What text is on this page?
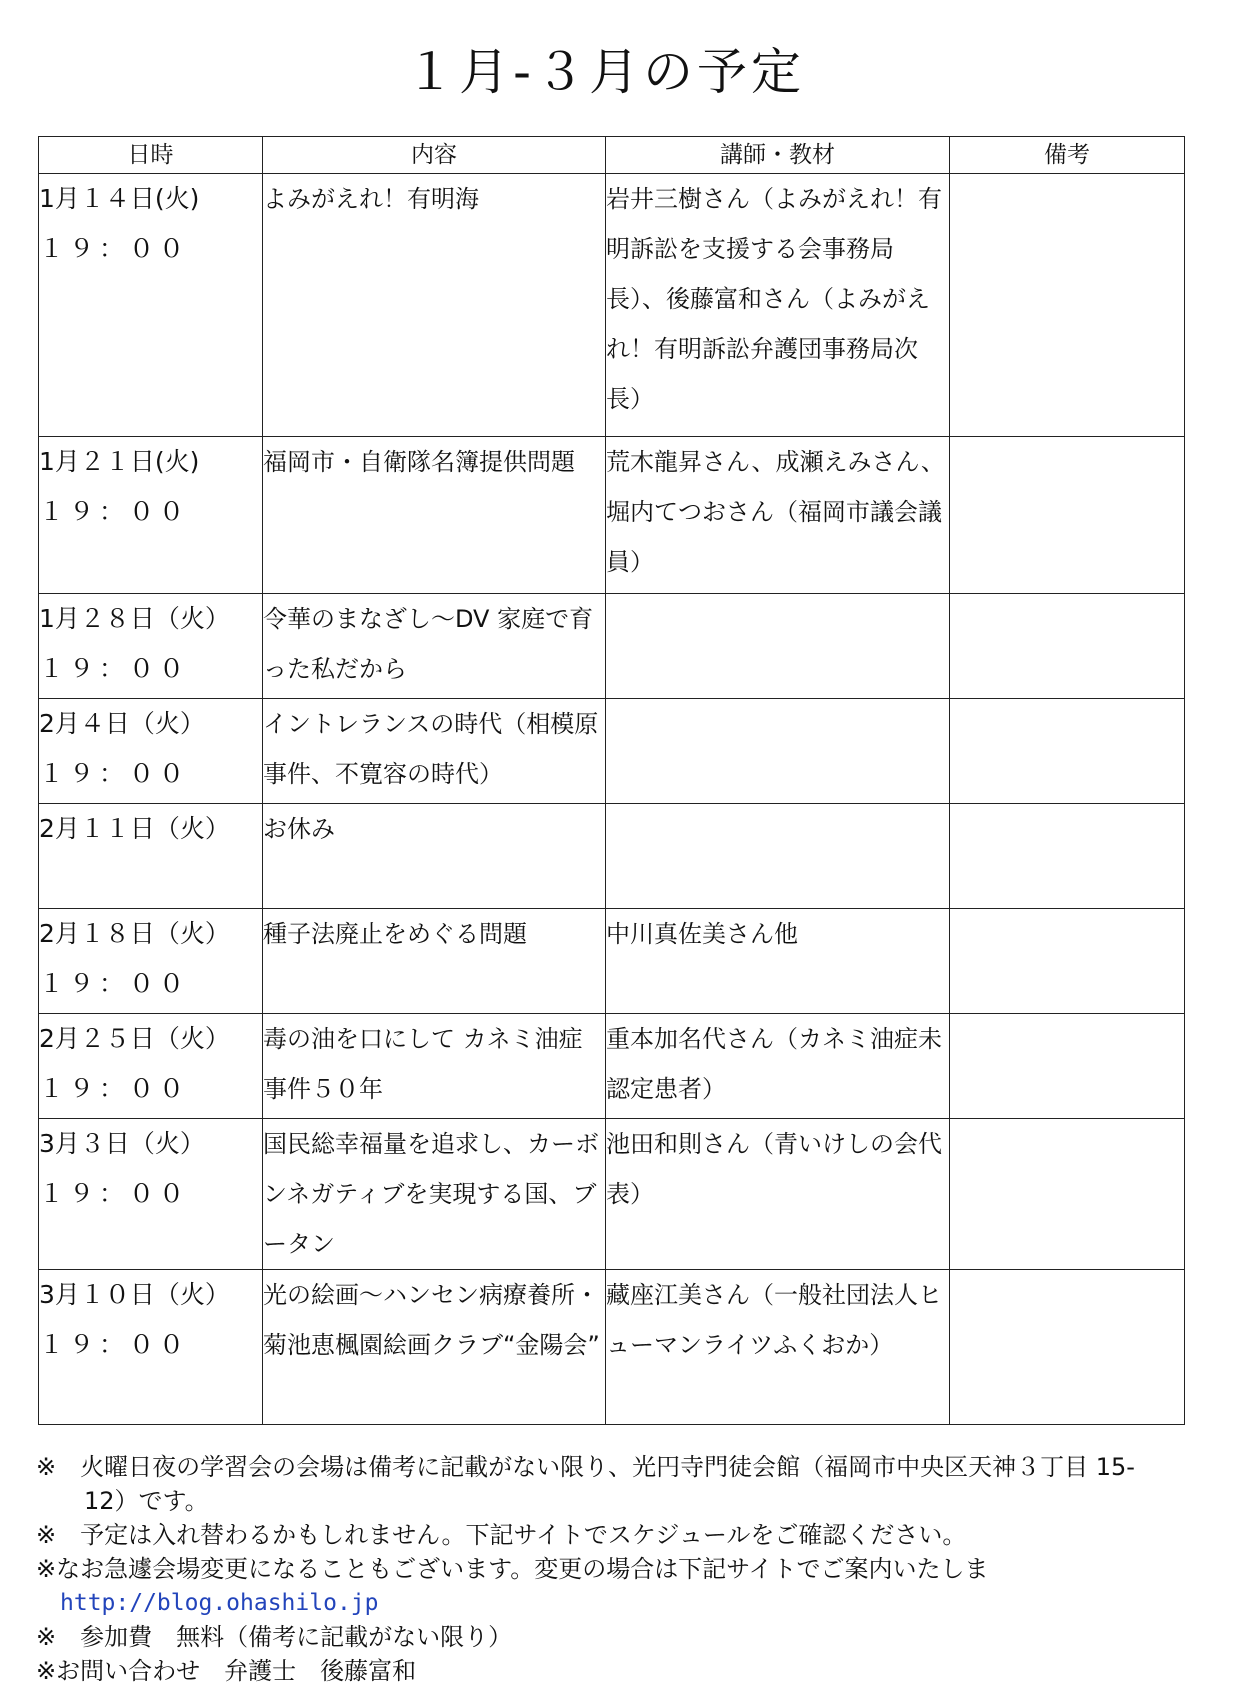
１月-３月の予定
日時	内容	講師・教材	備考

1月１４日(火)
１９：００	よみがえれ！有明海	岩井三樹さん（よみがえれ！有明訴訟を支援する会事務局長）、後藤富和さん（よみがえれ！有明訴訟弁護団事務局次長）	

1月２１日(火)
１９：００	福岡市・自衛隊名簿提供問題	荒木龍昇さん、成瀬えみさん、堀内てつおさん（福岡市議会議員）	

1月２８日（火）
１９：００	令華のまなざし～DV 家庭で育った私だから		

2月４日（火）
１９：００	イントレランスの時代（相模原事件、不寛容の時代）		

2月１１日（火）	お休み		

2月１８日（火）
１９：００	種子法廃止をめぐる問題	中川真佐美さん他	

2月２５日（火）
１９：００	毒の油を口にして カネミ油症事件５０年	重本加名代さん（カネミ油症未認定患者）	

3月３日（火）
１９：００	国民総幸福量を追求し、カーボンネガティブを実現する国、ブータン	池田和則さん（青いけしの会代表）	

3月１０日（火）
１９：００	光の絵画～ハンセン病療養所・菊池恵楓園絵画クラブ“金陽会”	藏座江美さん（一般社団法人ヒューマンライツふくおか）	
※　火曜日夜の学習会の会場は備考に記載がない限り、光円寺門徒会館（福岡市中央区天神３丁目 15-
12）です。
※　予定は入れ替わるかもしれません。下記サイトでスケジュールをご確認ください。
※なお急遽会場変更になることもございます。変更の場合は下記サイトでご案内いたしま
http://blog.ohashilo.jp
※　参加費　無料（備考に記載がない限り）
※お問い合わせ　弁護士　後藤富和
